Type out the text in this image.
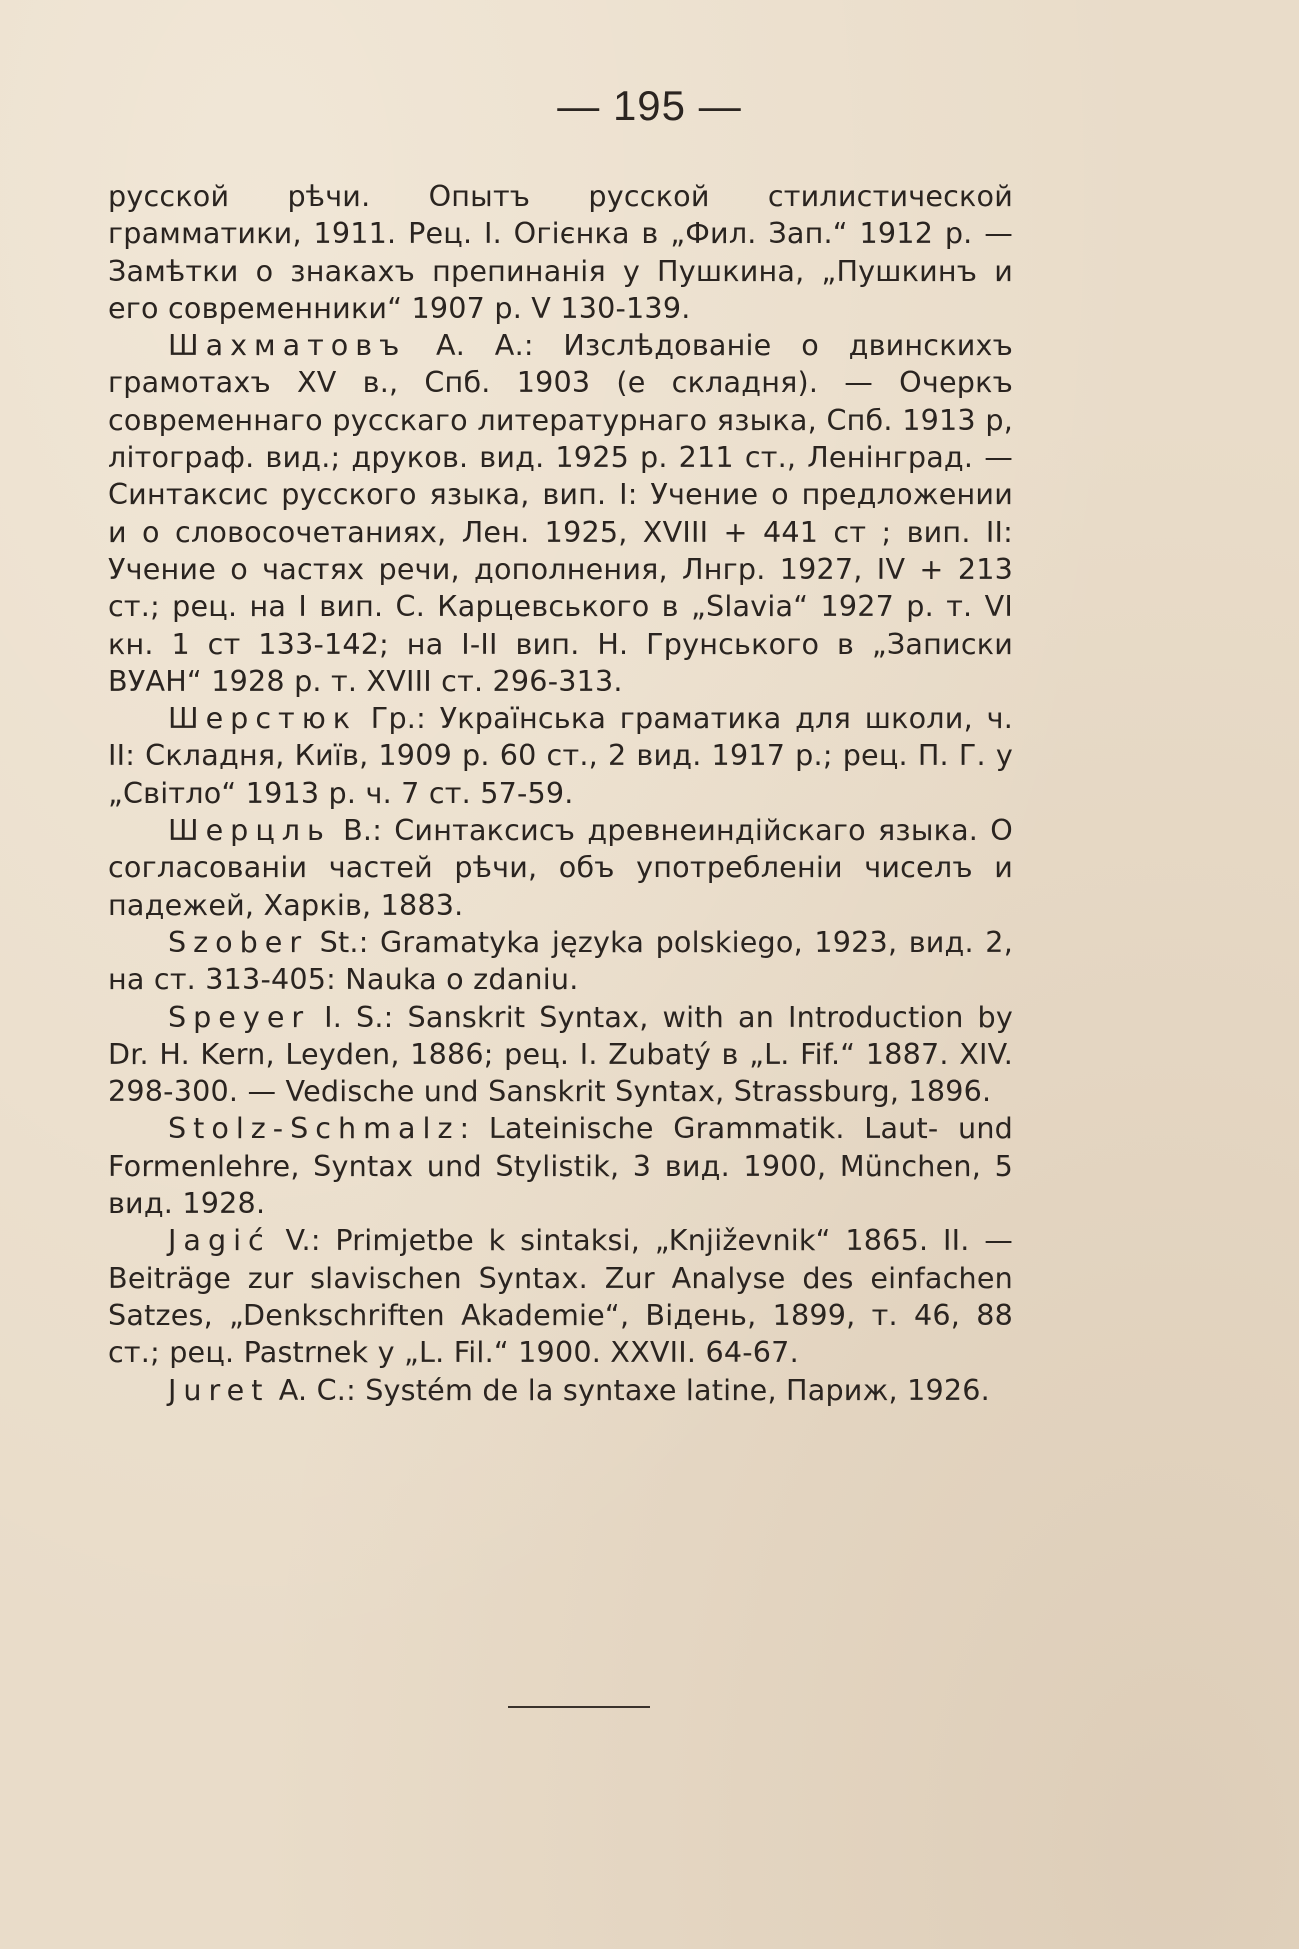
— 195 —

русской рѣчи. Опытъ русской стилистической грамматики, 1911. Рец. I. Огієнка в „Фил. Зап.“ 1912 р. — Замѣтки о знакахъ препинанія у Пушкина, „Пушкинъ и его современники“ 1907 р. V 130-139.

Шахматовъ А. А.: Изслѣдованіе о двинскихъ грамотахъ XV в., Спб. 1903 (е складня). — Очеркъ современнаго русскаго литературнаго языка, Спб. 1913 р, літограф. вид.; друков. вид. 1925 р. 211 ст., Ленінград. — Синтаксис русского языка, вип. I: Учение о предложении и о словосочетаниях, Лен. 1925, XVIII + 441 ст ; вип. II: Учение о частях речи, дополнения, Лнгр. 1927, IV + 213 ст.; рец. на I вип. С. Карцевського в „Slavia“ 1927 р. т. VI кн. 1 ст 133-142; на I-II вип. Н. Грунського в „Записки ВУАН“ 1928 р. т. XVIII ст. 296-313.

Шерстюк Гр.: Українська граматика для школи, ч. II: Складня, Київ, 1909 р. 60 ст., 2 вид. 1917 р.; рец. П. Г. у „Світло“ 1913 р. ч. 7 ст. 57-59.

Шерцль В.: Синтаксисъ древнеиндійскаго языка. О согласованіи частей рѣчи, объ употребленіи чиселъ и падежей, Харків, 1883.

Szober St.: Gramatyka języka polskiego, 1923, вид. 2, на ст. 313-405: Nauka o zdaniu.

Speyer I. S.: Sanskrit Syntax, with an Introduction by Dr. H. Kern, Leyden, 1886; рец. I. Zubatý в „L. Fif.“ 1887. XIV. 298-300. — Vedische und Sanskrit Syntax, Strassburg, 1896.

Stolz-Schmalz: Lateinische Grammatik. Laut- und Formenlehre, Syntax und Stylistik, 3 вид. 1900, München, 5 вид. 1928.

Jagić V.: Primjetbe k sintaksi, „Književnik“ 1865. II. — Beiträge zur slavischen Syntax. Zur Analyse des einfachen Satzes, „Denkschriften Akademie“, Відень, 1899, т. 46, 88 ст.; рец. Pastrnek у „L. Fil.“ 1900. XXVII. 64-67.

Juret A. C.: Systém de la syntaxe latine, Париж, 1926.
